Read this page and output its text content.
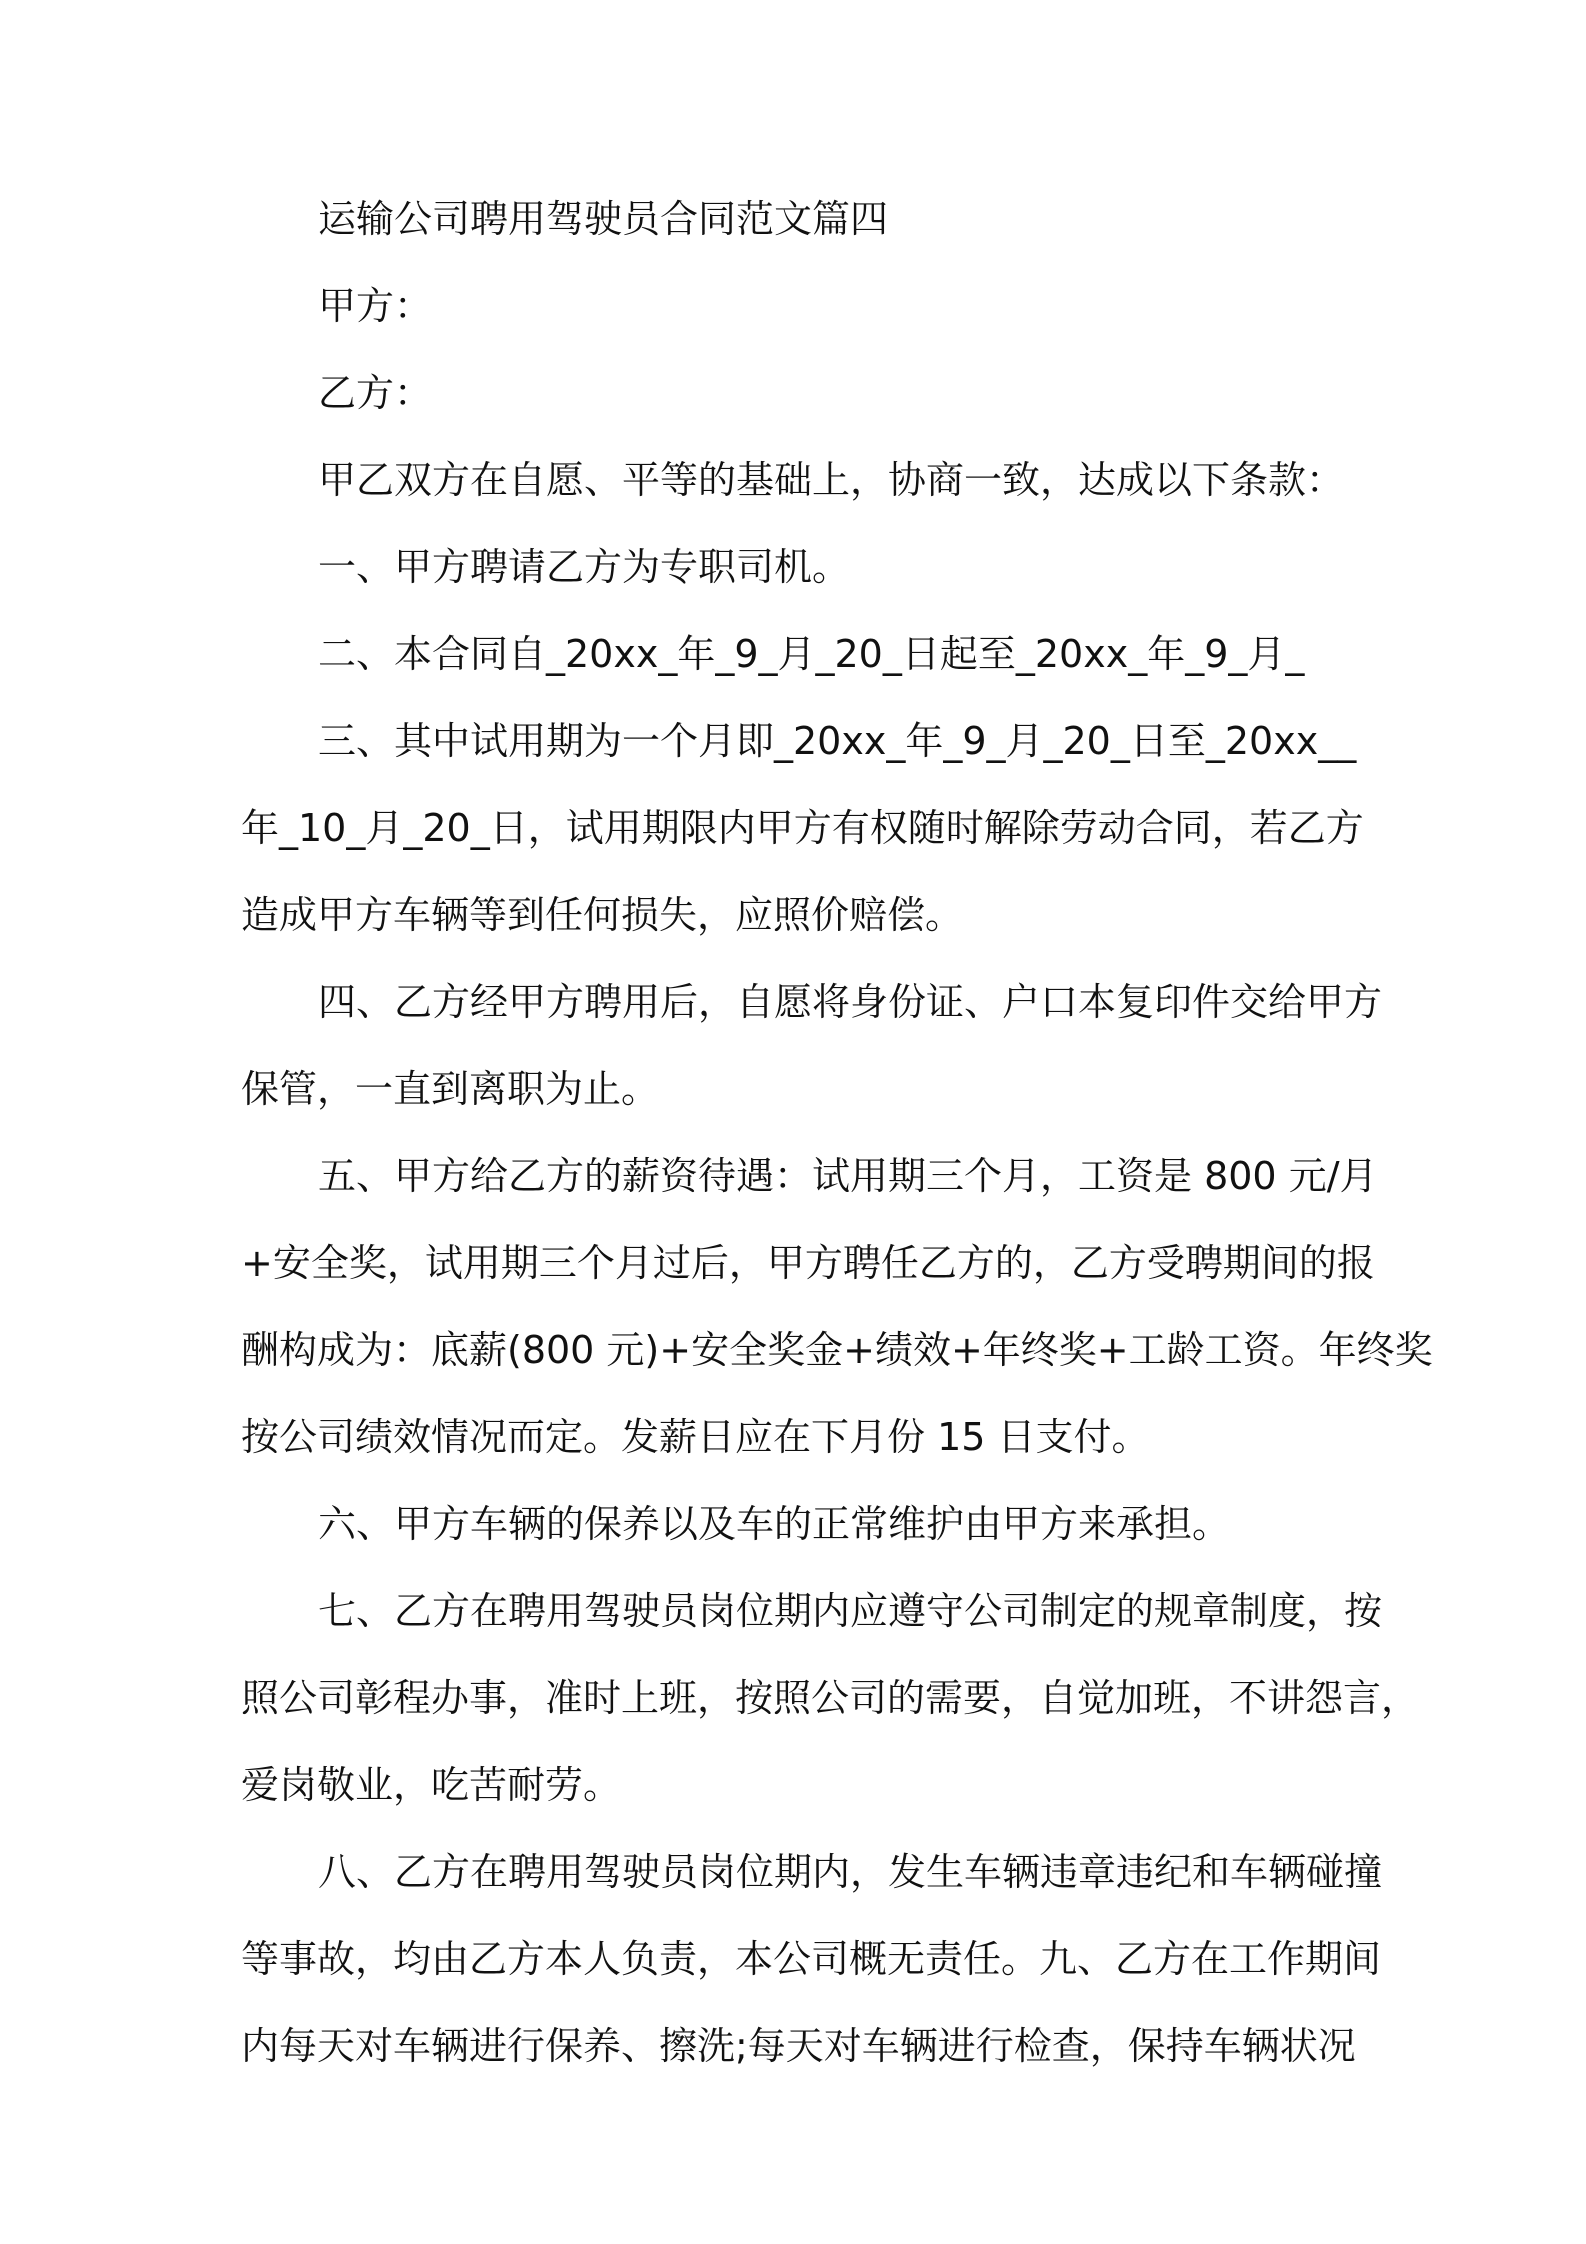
运输公司聘用驾驶员合同范文篇四

甲方：

乙方：

甲乙双方在自愿、平等的基础上，协商一致，达成以下条款：

一、甲方聘请乙方为专职司机。

二、本合同自_20xx_年_9_月_20_日起至_20xx_年_9_月_

三、其中试用期为一个月即_20xx_年_9_月_20_日至_20xx__

年_10_月_20_日，试用期限内甲方有权随时解除劳动合同，若乙方

造成甲方车辆等到任何损失，应照价赔偿。

四、乙方经甲方聘用后，自愿将身份证、户口本复印件交给甲方

保管，一直到离职为止。

五、甲方给乙方的薪资待遇：试用期三个月，工资是 800 元/月

+安全奖，试用期三个月过后，甲方聘任乙方的，乙方受聘期间的报

酬构成为：底薪(800 元)+安全奖金+绩效+年终奖+工龄工资。年终奖

按公司绩效情况而定。发薪日应在下月份 15 日支付。

六、甲方车辆的保养以及车的正常维护由甲方来承担。

七、乙方在聘用驾驶员岗位期内应遵守公司制定的规章制度，按

照公司彰程办事，准时上班，按照公司的需要，自觉加班，不讲怨言，

爱岗敬业，吃苦耐劳。

八、乙方在聘用驾驶员岗位期内，发生车辆违章违纪和车辆碰撞

等事故，均由乙方本人负责，本公司概无责任。九、乙方在工作期间

内每天对车辆进行保养、擦洗;每天对车辆进行检查，保持车辆状况
